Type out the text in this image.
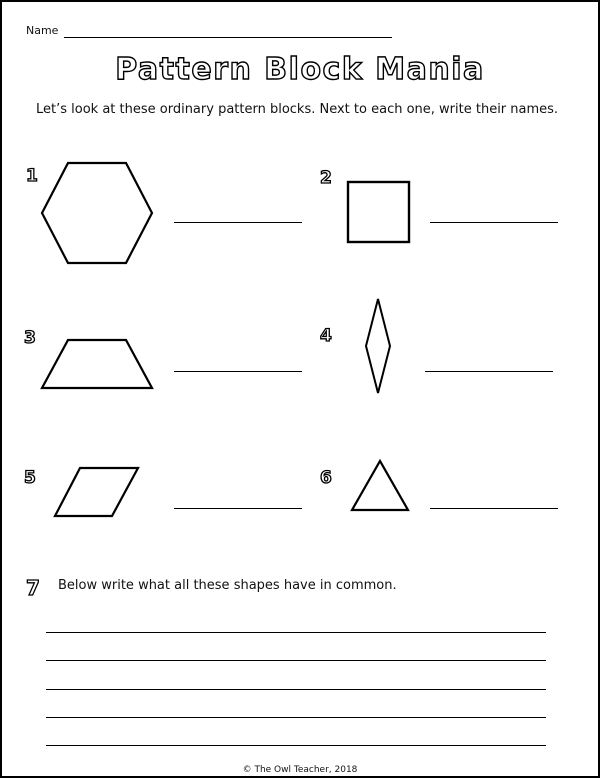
Name
Pattern Block Mania
Let’s look at these ordinary pattern blocks. Next to each one, write their names.
1	2
3	4
5	6
7 Below write what all these shapes have in common.
© The Owl Teacher, 2018
